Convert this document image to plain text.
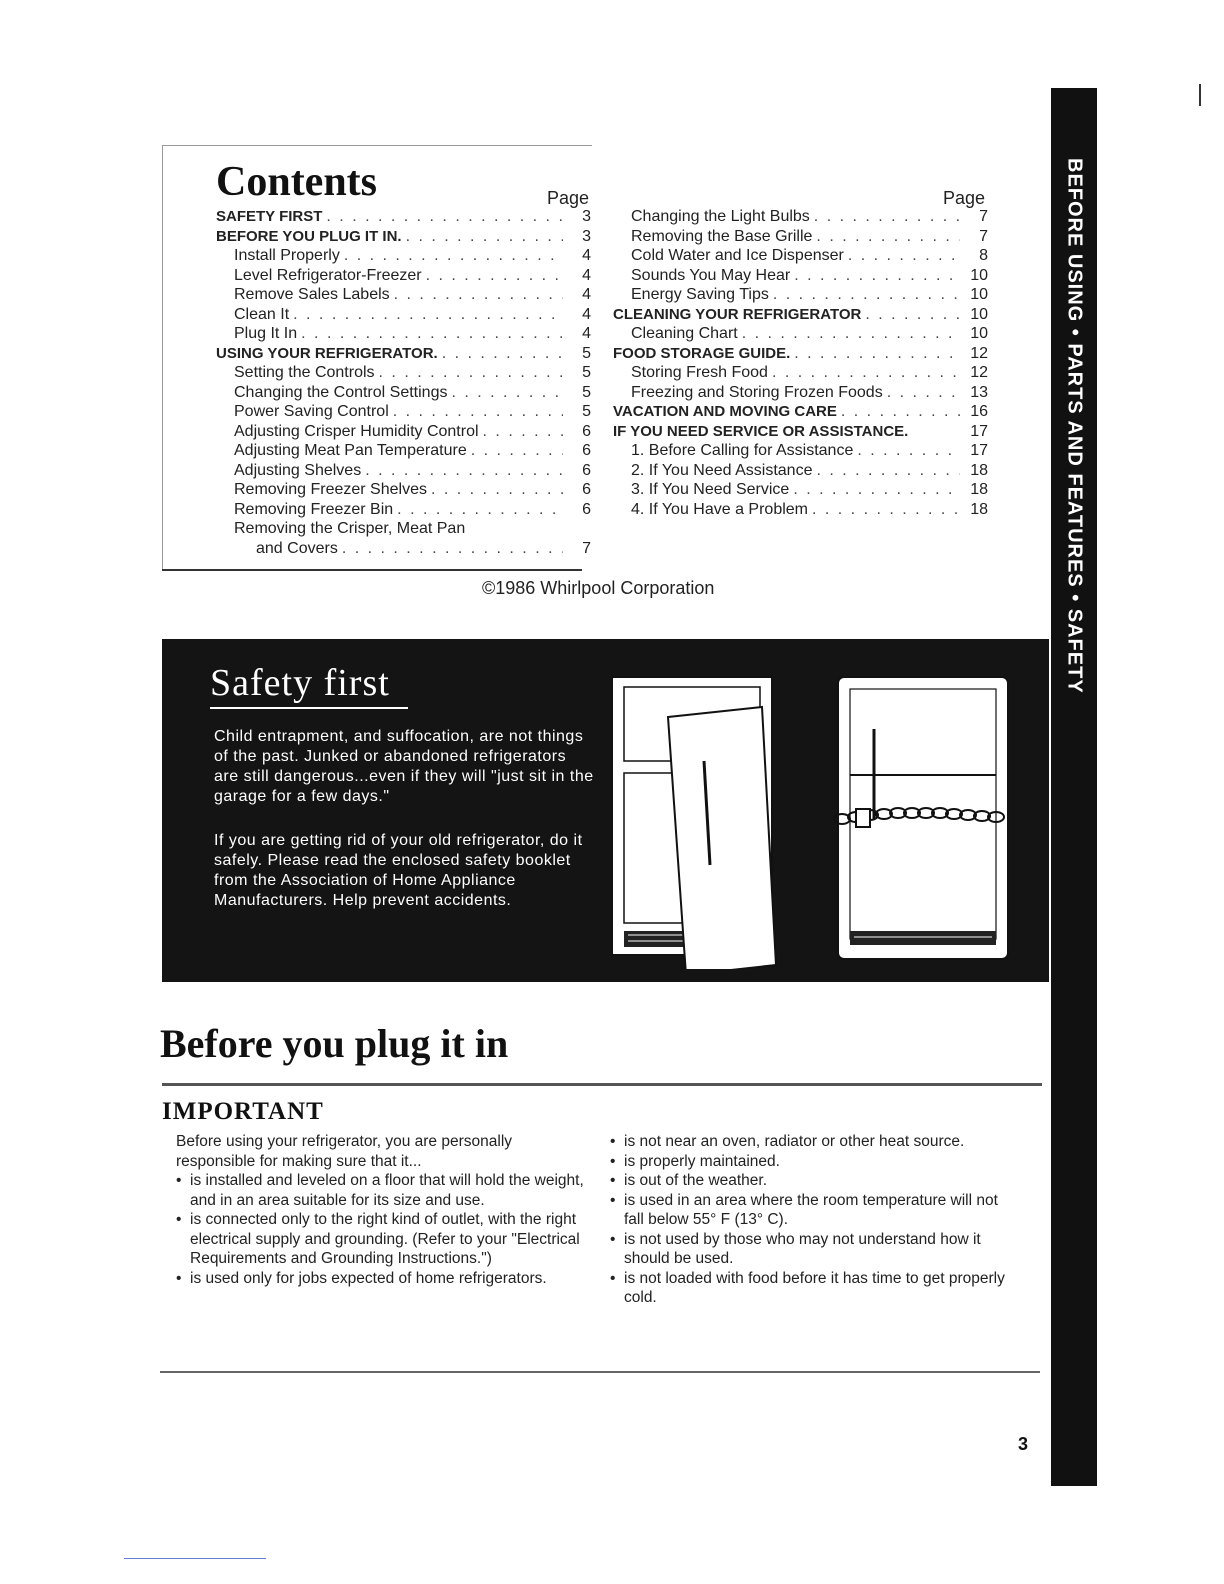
BEFORE USING • PARTS AND FEATURES • SAFETY
Contents	Page	Page
SAFETY FIRST . . .	3
BEFORE YOU PLUG IT IN. . . .	3
Install Properly . . .	4
Level Refrigerator-Freezer . . .	4
Remove Sales Labels . . .	4
Clean It . . .	4
Plug It In . . .	4
USING YOUR REFRIGERATOR. . . .	5
Setting the Controls . . .	5
Changing the Control Settings . . .	5
Power Saving Control . . .	5
Adjusting Crisper Humidity Control . . .	6
Adjusting Meat Pan Temperature . . .	6
Adjusting Shelves . . .	6
Removing Freezer Shelves . . .	6
Removing Freezer Bin . . .	6
Removing the Crisper, Meat Pan
and Covers . . .	7
Changing the Light Bulbs . . .	7
Removing the Base Grille . . .	7
Cold Water and Ice Dispenser . . .	8
Sounds You May Hear . . .	10
Energy Saving Tips . . .	10
CLEANING YOUR REFRIGERATOR . . .	10
Cleaning Chart . . .	10
FOOD STORAGE GUIDE. . . .	12
Storing Fresh Food . . .	12
Freezing and Storing Frozen Foods . . .	13
VACATION AND MOVING CARE . . .	16
IF YOU NEED SERVICE OR ASSISTANCE.	17
1. Before Calling for Assistance . . .	17
2. If You Need Assistance . . .	18
3. If You Need Service . . .	18
4. If You Have a Problem . . .	18
©1986 Whirlpool Corporation
Safety first

Child entrapment, and suffocation, are not things of the past. Junked or abandoned refrigerators are still dangerous...even if they will "just sit in the garage for a few days."

If you are getting rid of your old refrigerator, do it safely. Please read the enclosed safety booklet from the Association of Home Appliance Manufacturers. Help prevent accidents.

Before you plug it in
IMPORTANT

Before using your refrigerator, you are personally responsible for making sure that it...

• is installed and leveled on a floor that will hold the weight, and in an area suitable for its size and use.
• is connected only to the right kind of outlet, with the right electrical supply and grounding. (Refer to your "Electrical Requirements and Grounding Instructions.")
• is used only for jobs expected of home refrigerators.
• is not near an oven, radiator or other heat source.
• is properly maintained.
• is out of the weather.
• is used in an area where the room temperature will not fall below 55° F (13° C).
• is not used by those who may not understand how it should be used.
• is not loaded with food before it has time to get properly cold.
3
